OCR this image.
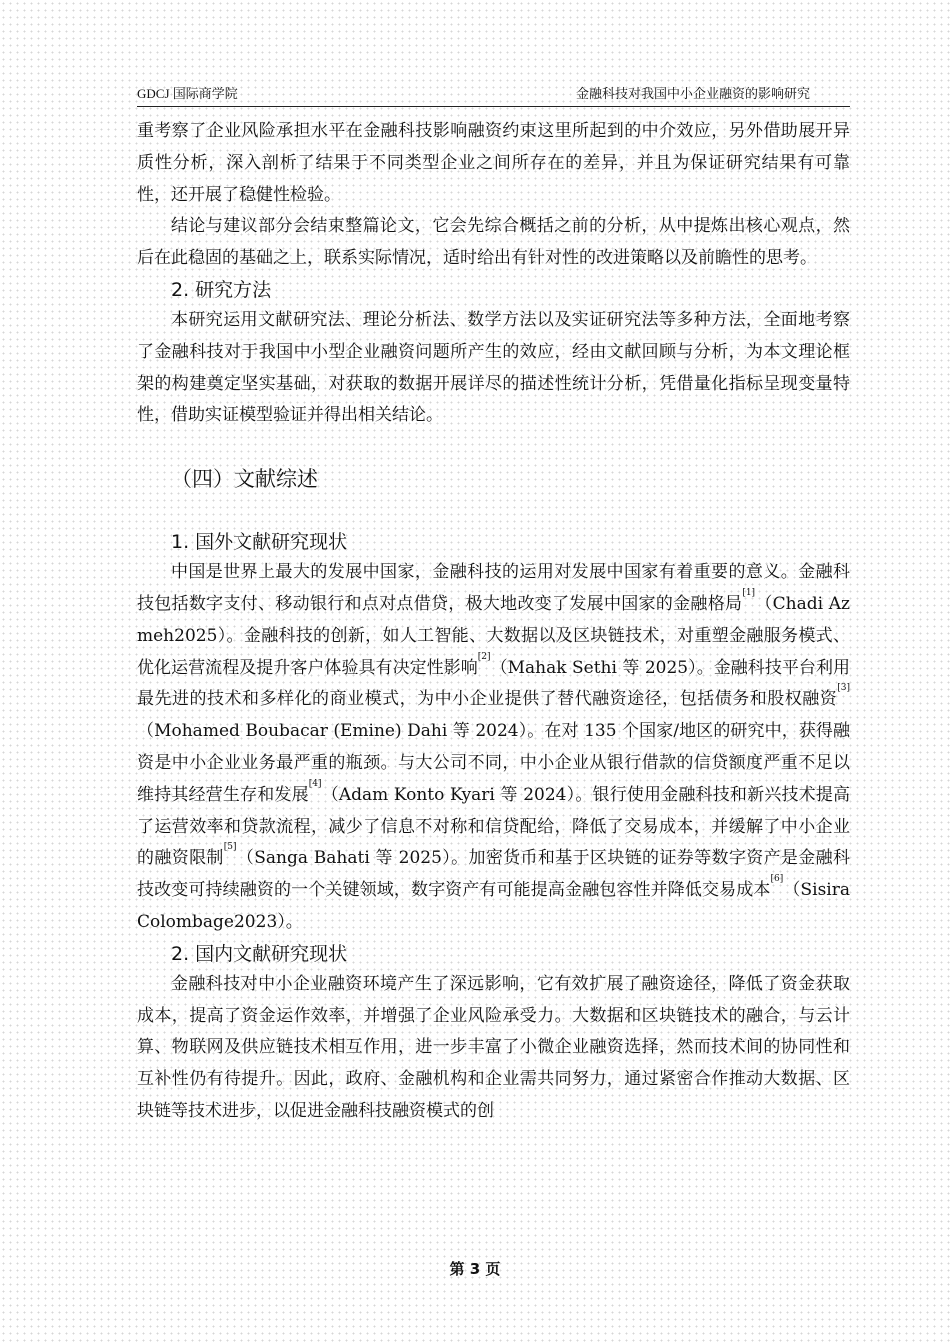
GDCJ 国际商学院	金融科技对我国中小企业融资的影响研究

重考察了企业风险承担水平在金融科技影响融资约束这里所起到的中介效应，另外借助展开异质性分析，深入剖析了结果于不同类型企业之间所存在的差异，并且为保证研究结果有可靠性，还开展了稳健性检验。

结论与建议部分会结束整篇论文，它会先综合概括之前的分析，从中提炼出核心观点，然后在此稳固的基础之上，联系实际情况，适时给出有针对性的改进策略以及前瞻性的思考。

2. 研究方法

本研究运用文献研究法、理论分析法、数学方法以及实证研究法等多种方法，全面地考察了金融科技对于我国中小型企业融资问题所产生的效应，经由文献回顾与分析，为本文理论框架的构建奠定坚实基础，对获取的数据开展详尽的描述性统计分析，凭借量化指标呈现变量特性，借助实证模型验证并得出相关结论。

（四）文献综述

1. 国外文献研究现状

中国是世界上最大的发展中国家，金融科技的运用对发展中国家有着重要的意义。金融科技包括数字支付、移动银行和点对点借贷，极大地改变了发展中国家的金融格局[1]（Chadi Azmeh2025）。金融科技的创新，如人工智能、大数据以及区块链技术，对重塑金融服务模式、优化运营流程及提升客户体验具有决定性影响[2]（Mahak Sethi 等 2025）。金融科技平台利用最先进的技术和多样化的商业模式，为中小企业提供了替代融资途径，包括债务和股权融资[3]（Mohamed Boubacar (Emine) Dahi 等 2024）。在对 135 个国家/地区的研究中，获得融资是中小企业业务最严重的瓶颈。与大公司不同，中小企业从银行借款的信贷额度严重不足以维持其经营生存和发展[4]（Adam Konto Kyari 等 2024）。银行使用金融科技和新兴技术提高了运营效率和贷款流程，减少了信息不对称和信贷配给，降低了交易成本，并缓解了中小企业的融资限制[5]（Sanga Bahati 等 2025）。加密货币和基于区块链的证券等数字资产是金融科技改变可持续融资的一个关键领域，数字资产有可能提高金融包容性并降低交易成本[6]（Sisira Colombage2023）。

2. 国内文献研究现状

金融科技对中小企业融资环境产生了深远影响，它有效扩展了融资途径，降低了资金获取成本，提高了资金运作效率，并增强了企业风险承受力。大数据和区块链技术的融合，与云计算、物联网及供应链技术相互作用，进一步丰富了小微企业融资选择，然而技术间的协同性和互补性仍有待提升。因此，政府、金融机构和企业需共同努力，通过紧密合作推动大数据、区块链等技术进步，以促进金融科技融资模式的创

第 3 页
